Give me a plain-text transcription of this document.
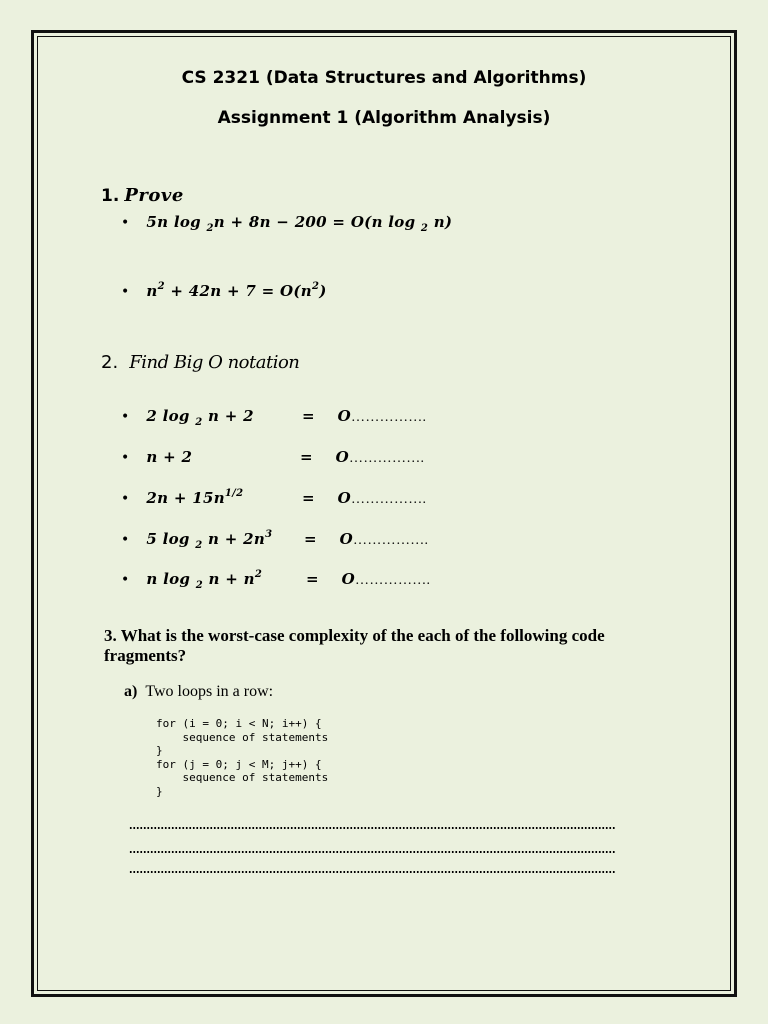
CS 2321 (Data Structures and Algorithms)
Assignment 1 (Algorithm Analysis)
1. Prove
• 5n log $_2$n + 8n − 200 = O(n log $_2$ n)
• $n^2 + 42n + 7 = O(n^2)$
2. Find Big O notation
• 2 log $_2$ n + 2	= O…………….
• n + 2	= O…………….
• $2n + 15n^{1/2}$	= O…………….
• 5 log $_2$ $n + 2n^3$ = O…………….
• n log $_2$ $n + n^2$	= O…………….
3. What is the worst-case complexity of the each of the following code fragments?
a) Two loops in a row:
for (i = 0; i < N; i++) {
sequence of statements
}
for (j = 0; j < M; j++) {
sequence of statements
}
